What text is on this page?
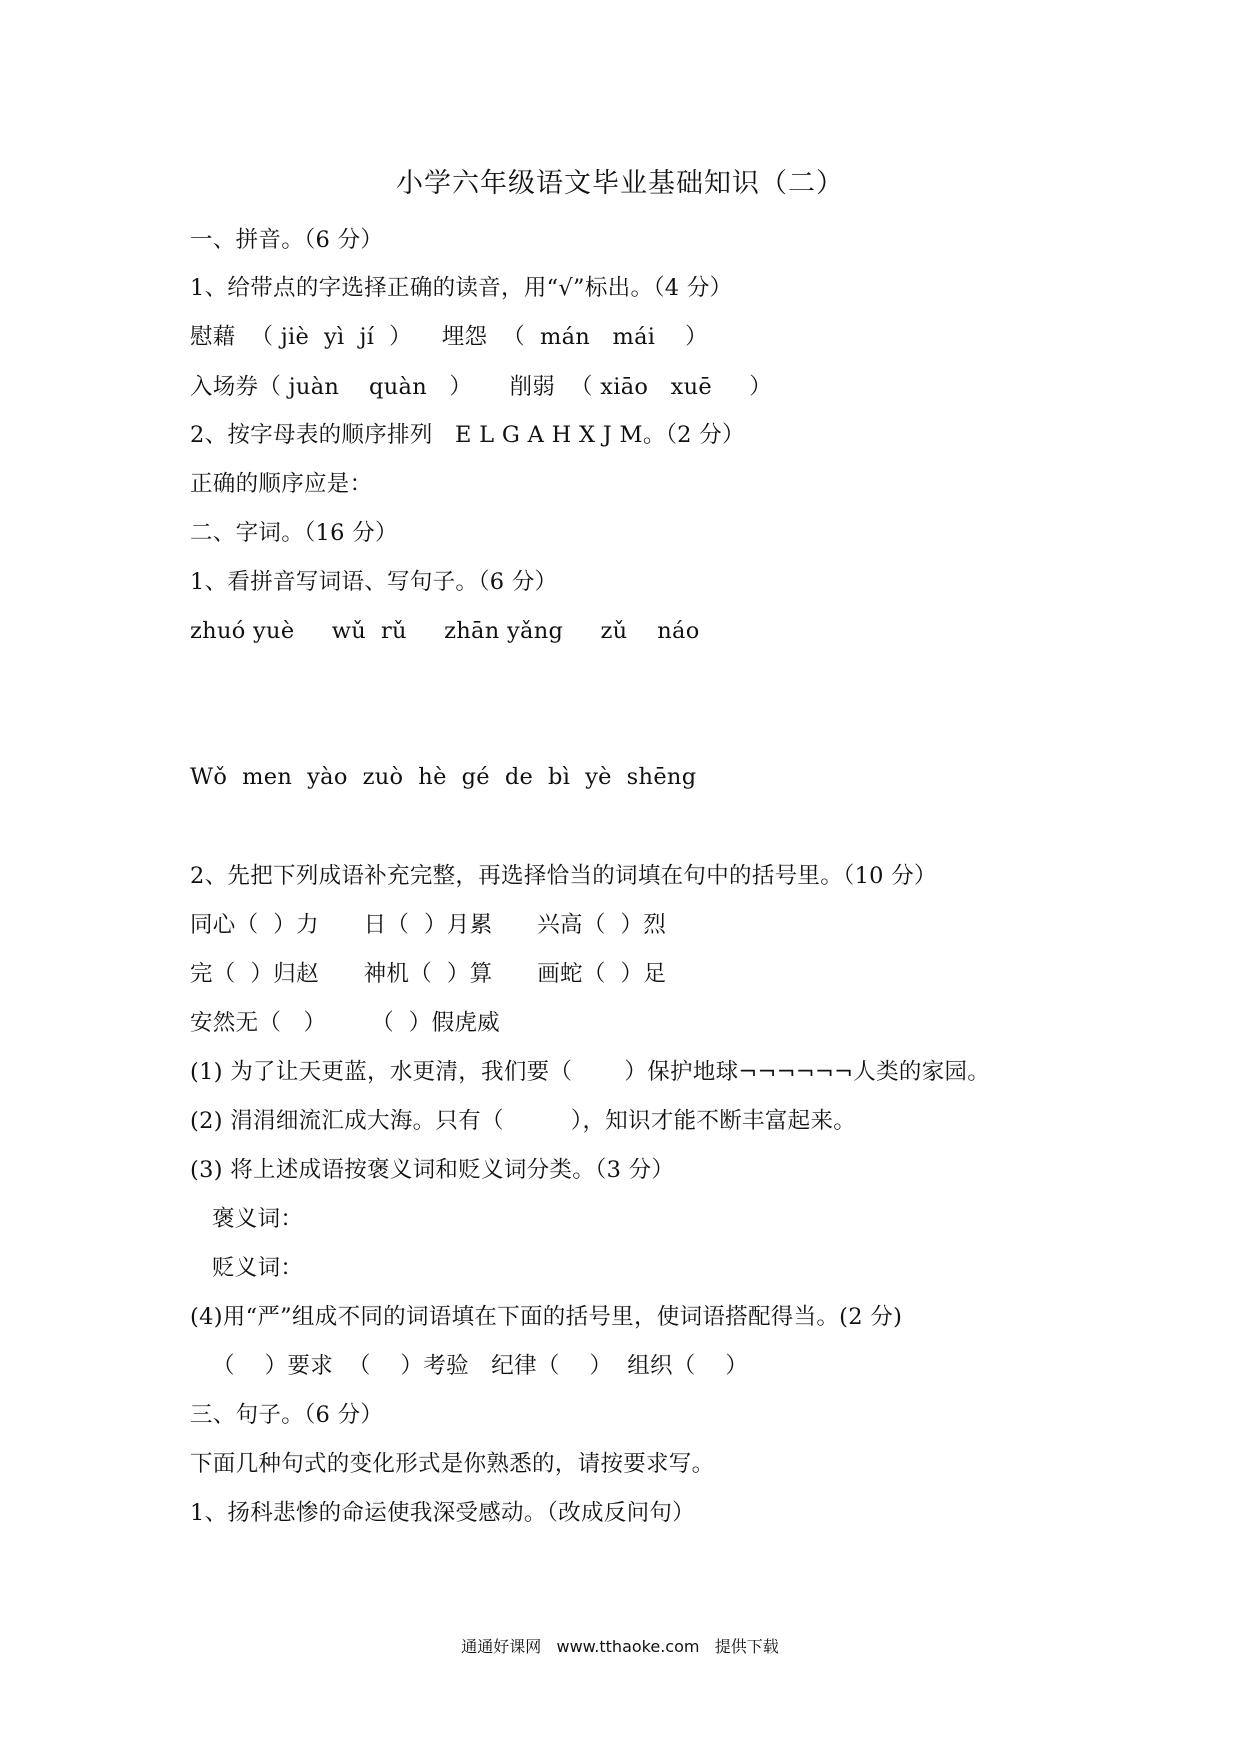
小学六年级语文毕业基础知识（二）
一、拼音。（6 分）
1、给带点的字选择正确的读音，用“√”标出。（4 分）
慰藉  （ jiè  yì  jí  ）    埋怨  （  mán   mái    ）
入场券（ juàn    quàn   ）     削弱  （ xiāo   xuē     ）
2、按字母表的顺序排列   E L G A H X J M。（2 分）
正确的顺序应是：
二、字词。（16 分）
1、看拼音写词语、写句子。（6 分）
zhuó yuè     wǔ  rǔ     zhān yǎng     zǔ    náo
Wǒ  men  yào  zuò  hè  gé  de  bì  yè  shēng
2、先把下列成语补充完整，再选择恰当的词填在句中的括号里。（10 分）
同心（  ）力      日（  ）月累      兴高（  ）烈
完（  ）归赵      神机（  ）算      画蛇（  ）足
安然无（   ）      （  ）假虎威
(1) 为了让天更蓝，水更清，我们要（       ）保护地球¬¬¬¬¬¬人类的家园。
(2) 涓涓细流汇成大海。只有（         ），知识才能不断丰富起来。
(3) 将上述成语按褒义词和贬义词分类。（3 分）
褒义词：
贬义词：
(4)用“严”组成不同的词语填在下面的括号里，使词语搭配得当。(2 分)
（    ）要求  （    ）考验   纪律（    ）  组织（    ）
三、句子。（6 分）
下面几种句式的变化形式是你熟悉的，请按要求写。
1、扬科悲惨的命运使我深受感动。（改成反问句）
通通好课网   www.tthaoke.com   提供下载
